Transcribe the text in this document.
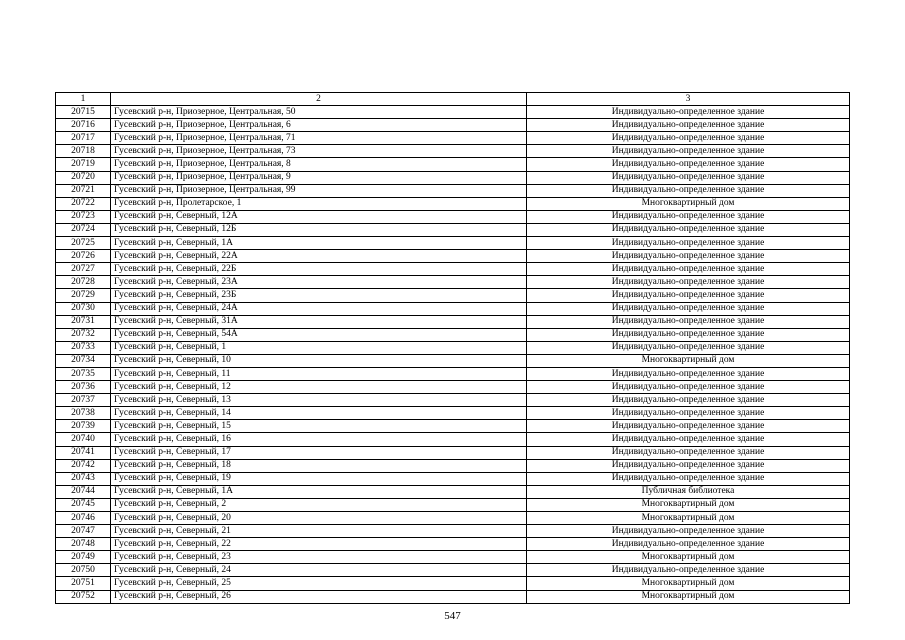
1	2	3
20715	Гусевский р-н, Приозерное, Центральная, 50	Индивидуально-определенное здание
20716	Гусевский р-н, Приозерное, Центральная, 6	Индивидуально-определенное здание
20717	Гусевский р-н, Приозерное, Центральная, 71	Индивидуально-определенное здание
20718	Гусевский р-н, Приозерное, Центральная, 73	Индивидуально-определенное здание
20719	Гусевский р-н, Приозерное, Центральная, 8	Индивидуально-определенное здание
20720	Гусевский р-н, Приозерное, Центральная, 9	Индивидуально-определенное здание
20721	Гусевский р-н, Приозерное, Центральная, 99	Индивидуально-определенное здание
20722	Гусевский р-н, Пролетарское, 1	Многоквартирный дом
20723	Гусевский р-н, Северный, 12А	Индивидуально-определенное здание
20724	Гусевский р-н, Северный, 12Б	Индивидуально-определенное здание
20725	Гусевский р-н, Северный, 1А	Индивидуально-определенное здание
20726	Гусевский р-н, Северный, 22А	Индивидуально-определенное здание
20727	Гусевский р-н, Северный, 22Б	Индивидуально-определенное здание
20728	Гусевский р-н, Северный, 23А	Индивидуально-определенное здание
20729	Гусевский р-н, Северный, 23Б	Индивидуально-определенное здание
20730	Гусевский р-н, Северный, 24А	Индивидуально-определенное здание
20731	Гусевский р-н, Северный, 31А	Индивидуально-определенное здание
20732	Гусевский р-н, Северный, 54А	Индивидуально-определенное здание
20733	Гусевский р-н, Северный, 1	Индивидуально-определенное здание
20734	Гусевский р-н, Северный, 10	Многоквартирный дом
20735	Гусевский р-н, Северный, 11	Индивидуально-определенное здание
20736	Гусевский р-н, Северный, 12	Индивидуально-определенное здание
20737	Гусевский р-н, Северный, 13	Индивидуально-определенное здание
20738	Гусевский р-н, Северный, 14	Индивидуально-определенное здание
20739	Гусевский р-н, Северный, 15	Индивидуально-определенное здание
20740	Гусевский р-н, Северный, 16	Индивидуально-определенное здание
20741	Гусевский р-н, Северный, 17	Индивидуально-определенное здание
20742	Гусевский р-н, Северный, 18	Индивидуально-определенное здание
20743	Гусевский р-н, Северный, 19	Индивидуально-определенное здание
20744	Гусевский р-н, Северный, 1А	Публичная библиотека
20745	Гусевский р-н, Северный, 2	Многоквартирный дом
20746	Гусевский р-н, Северный, 20	Многоквартирный дом
20747	Гусевский р-н, Северный, 21	Индивидуально-определенное здание
20748	Гусевский р-н, Северный, 22	Индивидуально-определенное здание
20749	Гусевский р-н, Северный, 23	Многоквартирный дом
20750	Гусевский р-н, Северный, 24	Индивидуально-определенное здание
20751	Гусевский р-н, Северный, 25	Многоквартирный дом
20752	Гусевский р-н, Северный, 26	Многоквартирный дом
547
